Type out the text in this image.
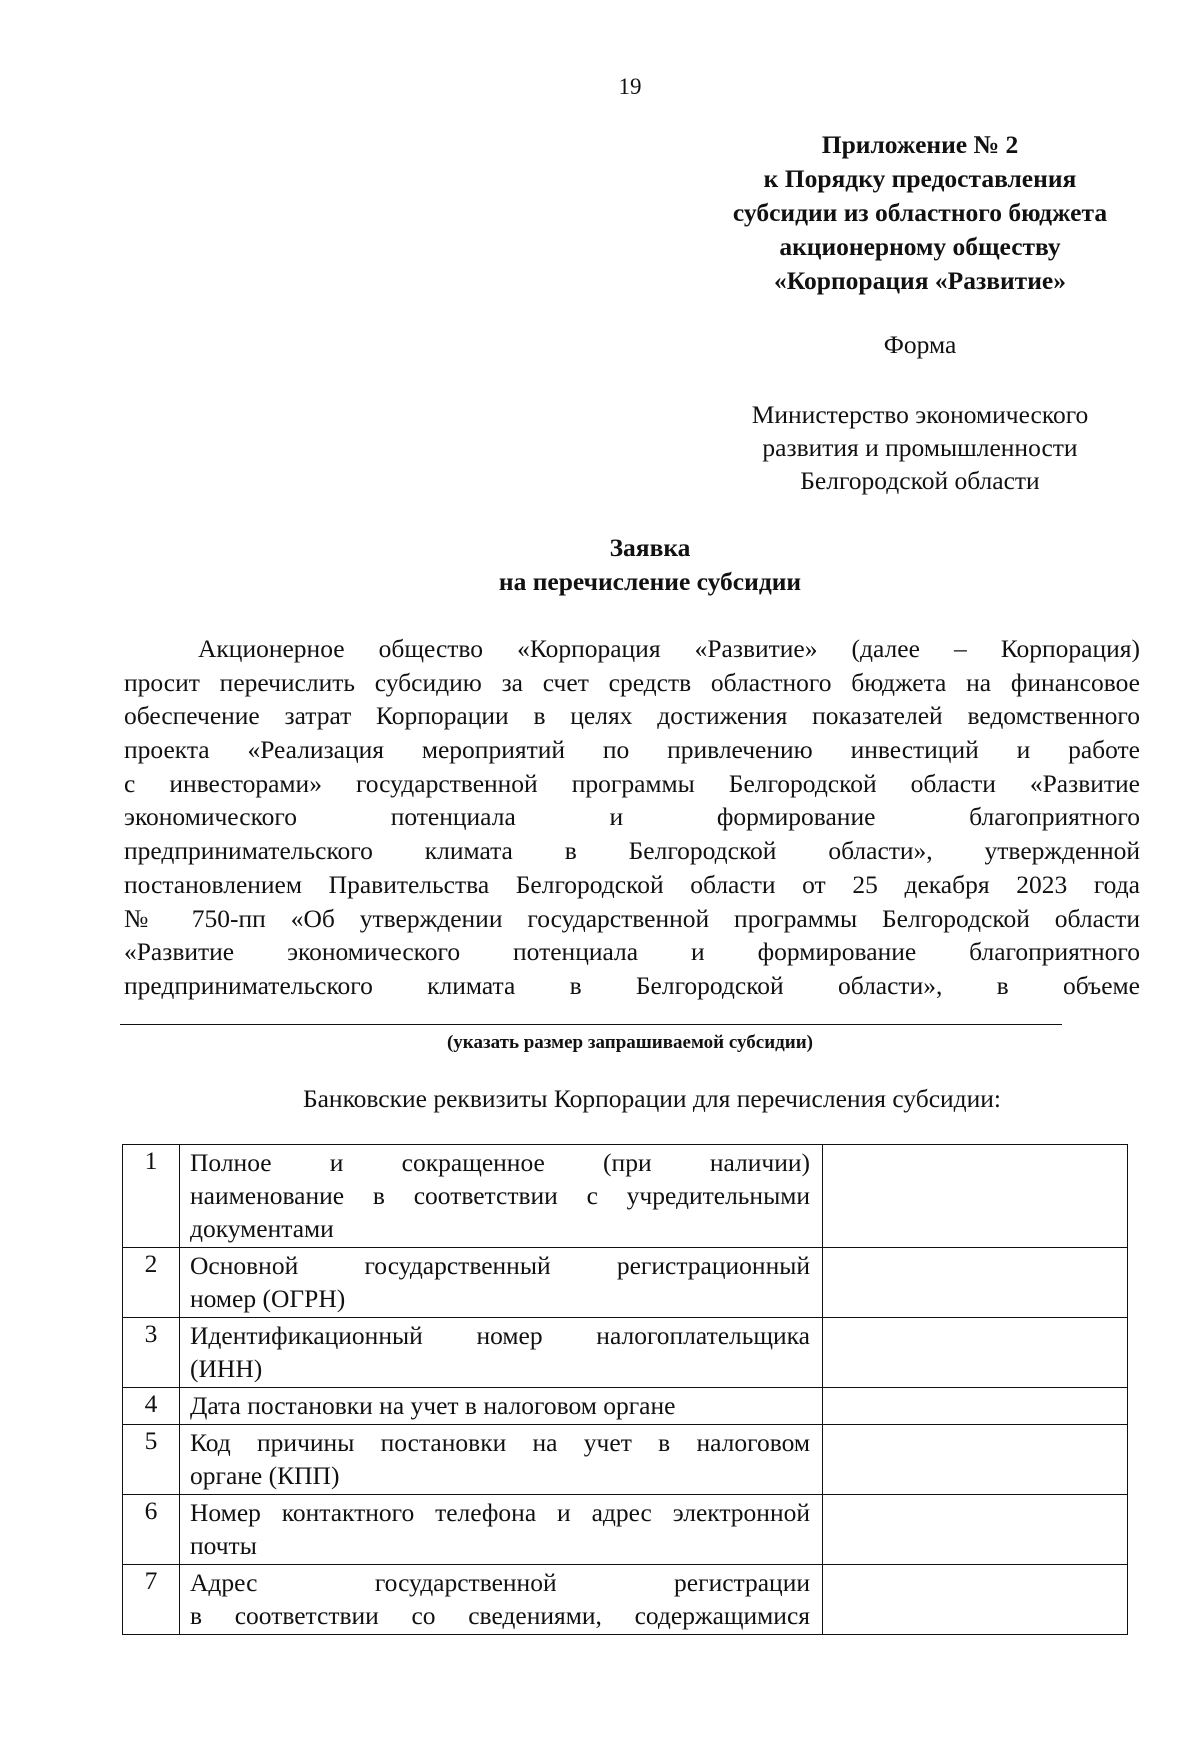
19
Приложение № 2
к Порядку предоставления
субсидии из областного бюджета
акционерному обществу
«Корпорация «Развитие»
Форма
Министерство экономического
развития и промышленности
Белгородской области
Заявка
на перечисление субсидии
Акционерное общество «Корпорация «Развитие» (далее – Корпорация)
просит перечислить субсидию за счет средств областного бюджета на финансовое
обеспечение затрат Корпорации в целях достижения показателей ведомственного
проекта «Реализация мероприятий по привлечению инвестиций и работе
с инвесторами» государственной программы Белгородской области «Развитие
экономического потенциала и формирование благоприятного
предпринимательского климата в Белгородской области», утвержденной
постановлением Правительства Белгородской области от 25 декабря 2023 года
№ 750-пп «Об утверждении государственной программы Белгородской области
«Развитие экономического потенциала и формирование благоприятного
предпринимательского климата в Белгородской области», в объеме
(указать размер запрашиваемой субсидии)
Банковские реквизиты Корпорации для перечисления субсидии:
1	Полное и сокращенное (при наличии)
наименование в соответствии с учредительными
документами	

2	Основной государственный регистрационный
номер (ОГРН)	

3	Идентификационный номер налогоплательщика
(ИНН)	

4	Дата постановки на учет в налоговом органе	

5	Код причины постановки на учет в налоговом
органе (КПП)	

6	Номер контактного телефона и адрес электронной
почты	

7	Адрес государственной регистрации
в соответствии со сведениями, содержащимися	
